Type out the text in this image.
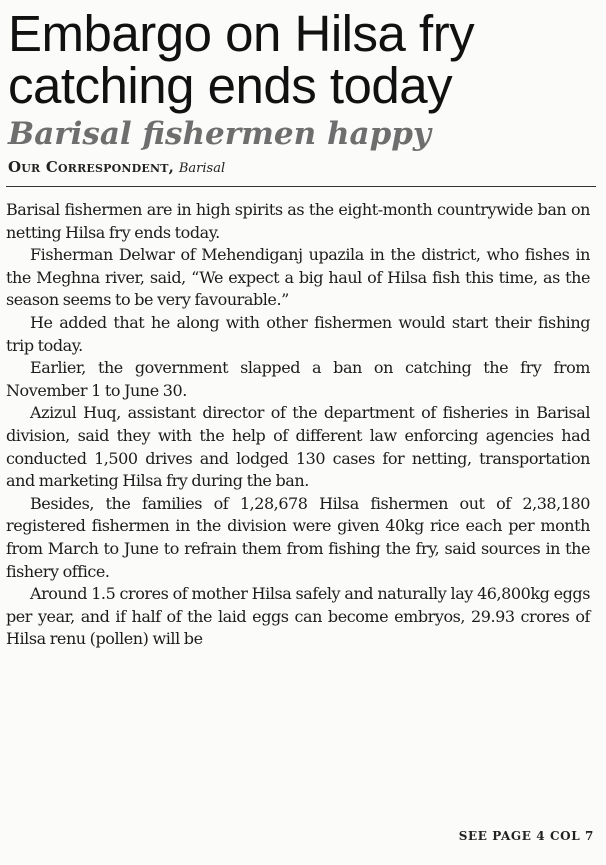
Embargo on Hilsa fry
catching ends today
Barisal fishermen happy
Our Correspondent, Barisal

Barisal fishermen are in high spirits as the eight-month countrywide ban on netting Hilsa fry ends today.

Fisherman Delwar of Mehendiganj upazila in the district, who fishes in the Meghna river, said, “We expect a big haul of Hilsa fish this time, as the season seems to be very favourable.”

He added that he along with other fishermen would start their fishing trip today.

Earlier, the government slapped a ban on catching the fry from November 1 to June 30.

Azizul Huq, assistant director of the department of fisheries in Barisal division, said they with the help of different law enforcing agencies had conducted 1,500 drives and lodged 130 cases for netting, transportation and marketing Hilsa fry during the ban.

Besides, the families of 1,28,678 Hilsa fishermen out of 2,38,180 registered fishermen in the division were given 40kg rice each per month from March to June to refrain them from fishing the fry, said sources in the fishery office.

Around 1.5 crores of mother Hilsa safely and naturally lay 46,800kg eggs per year, and if half of the laid eggs can become embryos, 29.93 crores of Hilsa renu (pollen) will be

SEE PAGE 4 COL 7
